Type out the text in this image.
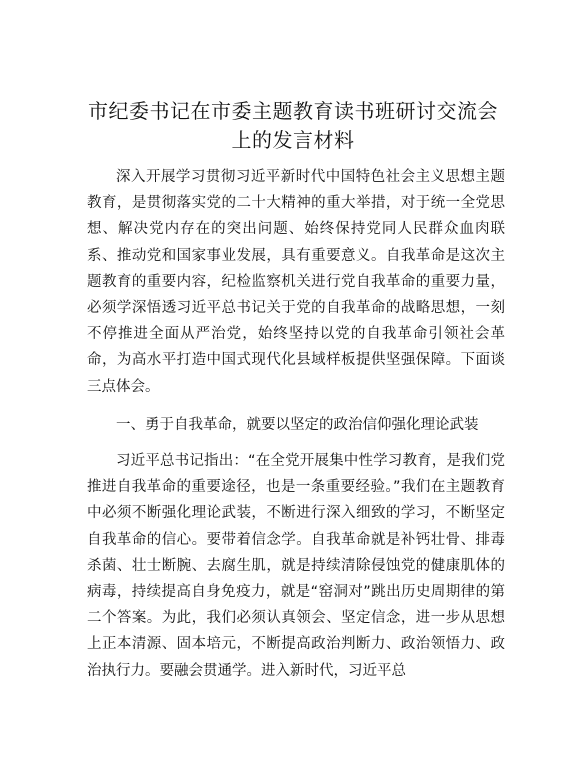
市纪委书记在市委主题教育读书班研讨交流会
上的发言材料

深入开展学习贯彻习近平新时代中国特色社会主义思想主题教育，是贯彻落实党的二十大精神的重大举措，对于统一全党思想、解决党内存在的突出问题、始终保持党同人民群众血肉联系、推动党和国家事业发展，具有重要意义。自我革命是这次主题教育的重要内容，纪检监察机关进行党自我革命的重要力量，必须学深悟透习近平总书记关于党的自我革命的战略思想，一刻不停推进全面从严治党，始终坚持以党的自我革命引领社会革命，为高水平打造中国式现代化县域样板提供坚强保障。下面谈三点体会。

一、勇于自我革命，就要以坚定的政治信仰强化理论武装

习近平总书记指出：“在全党开展集中性学习教育，是我们党推进自我革命的重要途径，也是一条重要经验。”我们在主题教育中必须不断强化理论武装，不断进行深入细致的学习，不断坚定自我革命的信心。要带着信念学。自我革命就是补钙壮骨、排毒杀菌、壮士断腕、去腐生肌，就是持续清除侵蚀党的健康肌体的病毒，持续提高自身免疫力，就是“窑洞对”跳出历史周期律的第二个答案。为此，我们必须认真领会、坚定信念，进一步从思想上正本清源、固本培元，不断提高政治判断力、政治领悟力、政治执行力。要融会贯通学。进入新时代，习近平总
